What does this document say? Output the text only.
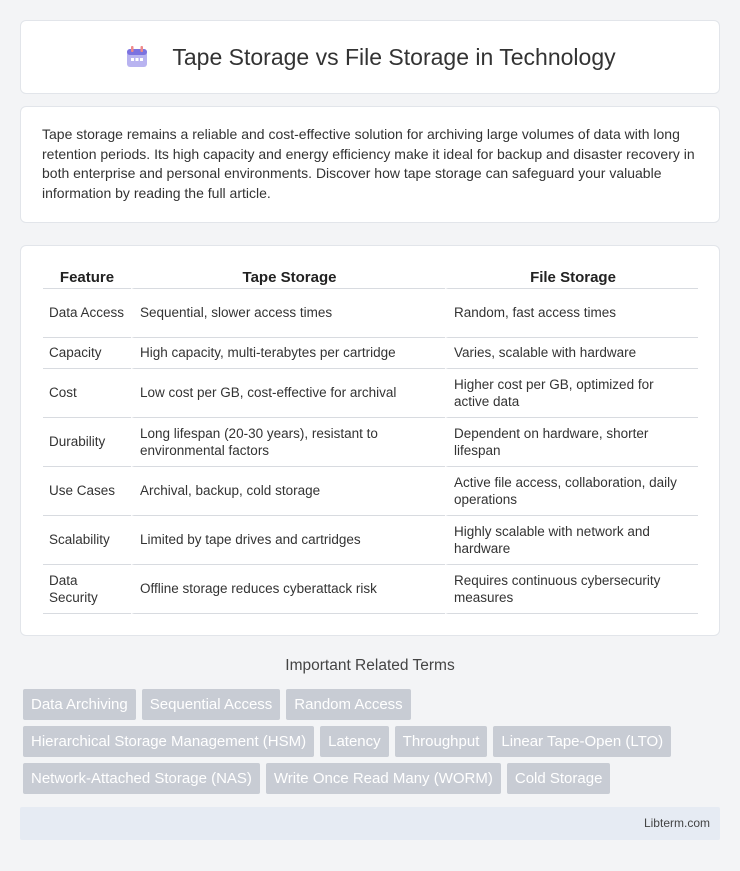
Tape Storage vs File Storage in Technology

Tape storage remains a reliable and cost-effective solution for archiving large volumes of data with long retention periods. Its high capacity and energy efficiency make it ideal for backup and disaster recovery in both enterprise and personal environments. Discover how tape storage can safeguard your valuable information by reading the full article.

Feature	Tape Storage	File Storage
Data Access	Sequential, slower access times	Random, fast access times
Capacity	High capacity, multi-terabytes per cartridge	Varies, scalable with hardware
Cost	Low cost per GB, cost-effective for archival	Higher cost per GB, optimized for active data
Durability	Long lifespan (20-30 years), resistant to environmental factors	Dependent on hardware, shorter lifespan
Use Cases	Archival, backup, cold storage	Active file access, collaboration, daily operations
Scalability	Limited by tape drives and cartridges	Highly scalable with network and hardware
Data Security	Offline storage reduces cyberattack risk	Requires continuous cybersecurity measures
Important Related Terms
Data Archiving	Sequential Access	Random Access
Hierarchical Storage Management (HSM)	Latency	Throughput	Linear Tape-Open (LTO)
Network-Attached Storage (NAS)	Write Once Read Many (WORM)	Cold Storage
Libterm.com
